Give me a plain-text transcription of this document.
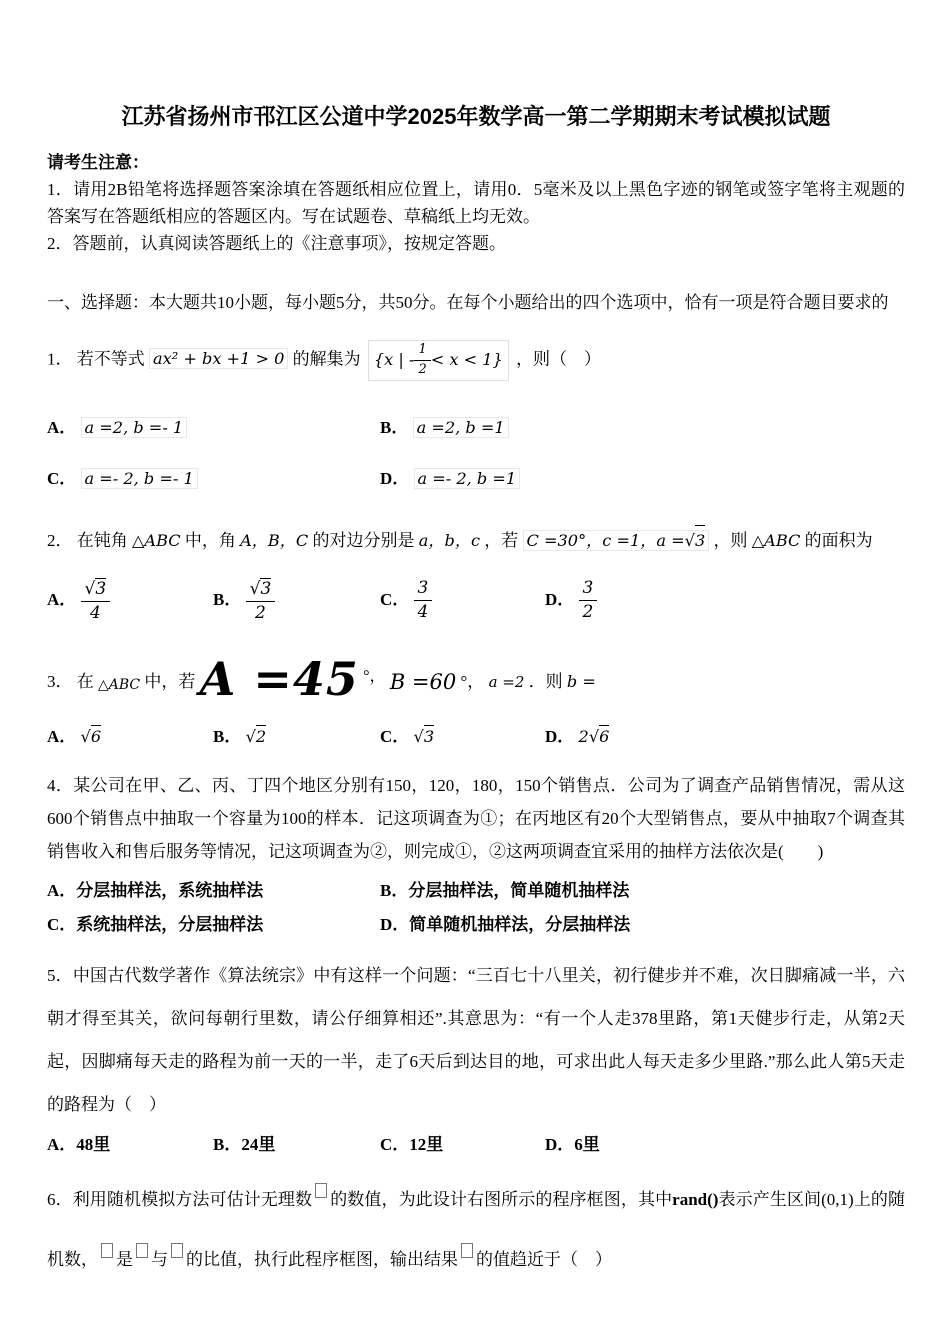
江苏省扬州市邗江区公道中学2025年数学高一第二学期期末考试模拟试题

请考生注意：

1．请用2B铅笔将选择题答案涂填在答题纸相应位置上，请用0．5毫米及以上黑色字迹的钢笔或签字笔将主观题的答案写在答题纸相应的答题区内。写在试题卷、草稿纸上均无效。

2．答题前，认真阅读答题纸上的《注意事项》，按规定答题。

一、选择题：本大题共10小题，每小题5分，共50分。在每个小题给出的四个选项中，恰有一项是符合题目要求的

1． 若不等式 ax² + bx +1 > 0 的解集为 {x | - $\frac{1}{2} < x < 1$} ，则（　）
A． a =2, b =- 1	B． a =2, b =1
C． a =- 2, b =- 1	D． a =- 2, b =1
2． 在钝角 △ABC 中，角 A，B，C 的对边分别是 a，b，c ，若 C =30°，c =1，a =√3 ，则 △ABC 的面积为
A． $\frac{√3}{4}$	B． $\frac{√3}{2}$	C． $\frac{3}{4}$	D． $\frac{3}{2}$
3． 在 △ABC 中，若 A =45 °， B =60 °， a =2 ．则 b =
A． √6	B． √2	C． √3	D． 2√6

4．某公司在甲、乙、丙、丁四个地区分别有150，120，180，150个销售点．公司为了调查产品销售情况，需从这600个销售点中抽取一个容量为100的样本．记这项调查为①；在丙地区有20个大型销售点，要从中抽取7个调查其销售收入和售后服务等情况，记这项调查为②，则完成①，②这两项调查宜采用的抽样方法依次是(　　)

A．分层抽样法，系统抽样法	B．分层抽样法，简单随机抽样法
C．系统抽样法，分层抽样法	D．简单随机抽样法，分层抽样法

5．中国古代数学著作《算法统宗》中有这样一个问题：“三百七十八里关，初行健步并不难，次日脚痛减一半，六朝才得至其关，欲问每朝行里数，请公仔细算相还”.其意思为：“有一个人走378里路，第1天健步行走，从第2天起，因脚痛每天走的路程为前一天的一半，走了6天后到达目的地，可求出此人每天走多少里路.”那么此人第5天走的路程为（　）

A．48里	B．24里	C．12里	D．6里

6．利用随机模拟方法可估计无理数 的数值，为此设计右图所示的程序框图，其中rand()表示产生区间(0,1)上的随机数， 是 与 的比值，执行此程序框图，输出结果 的值趋近于（　）
